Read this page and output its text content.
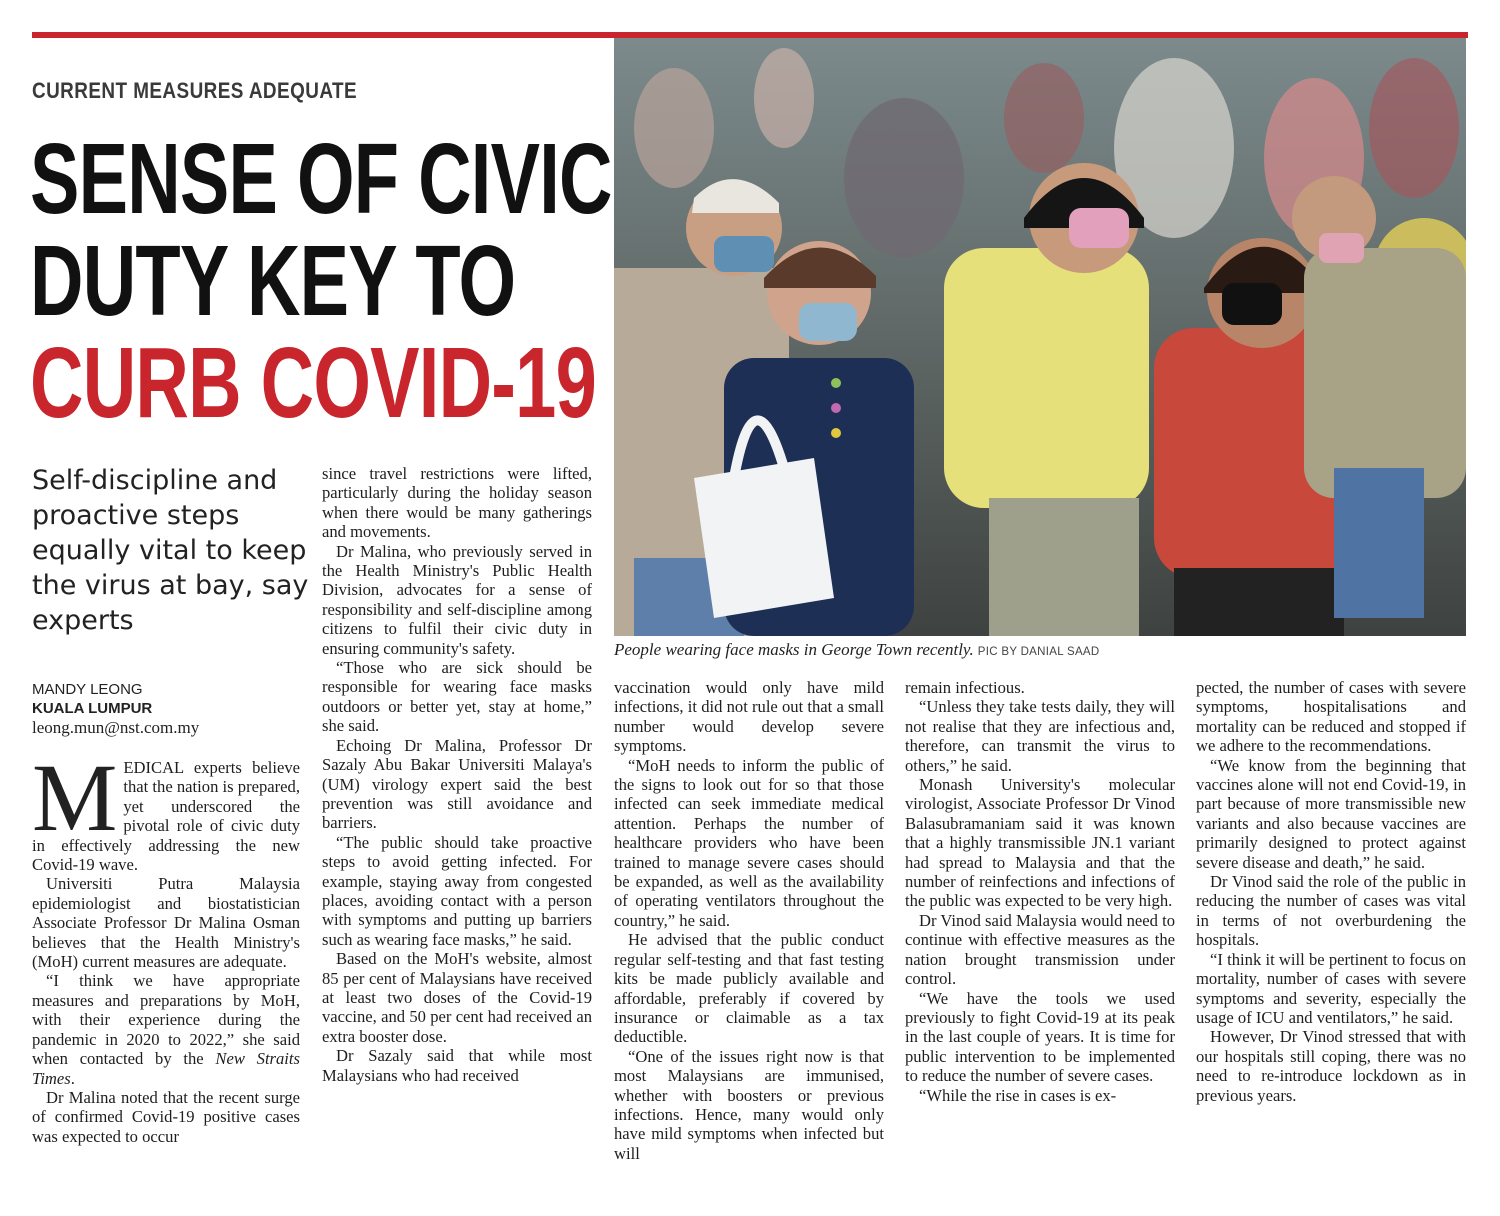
CURRENT MEASURES ADEQUATE
SENSE OF CIVIC
DUTY KEY TO
CURB COVID-19
Self-discipline and proactive steps equally vital to keep the virus at bay, say experts
MANDY LEONG
KUALA LUMPUR
leong.mun@nst.com.my

MEDICAL experts believe that the nation is prepared, yet underscored the pivotal role of civic duty in effectively addressing the new Covid-19 wave.

Universiti Putra Malaysia epidemiologist and biostatistician Associate Professor Dr Malina Osman believes that the Health Ministry's (MoH) current measures are adequate.

“I think we have appropriate measures and preparations by MoH, with their experience during the pandemic in 2020 to 2022,” she said when contacted by the New Straits Times.

Dr Malina noted that the recent surge of confirmed Covid-19 positive cases was expected to occur

since travel restrictions were lifted, particularly during the holiday season when there would be many gatherings and movements.

Dr Malina, who previously served in the Health Ministry's Public Health Division, advocates for a sense of responsibility and self-discipline among citizens to fulfil their civic duty in ensuring community's safety.

“Those who are sick should be responsible for wearing face masks outdoors or better yet, stay at home,” she said.

Echoing Dr Malina, Professor Dr Sazaly Abu Bakar Universiti Malaya's (UM) virology expert said the best prevention was still avoidance and barriers.

“The public should take proactive steps to avoid getting infected. For example, staying away from congested places, avoiding contact with a person with symptoms and putting up barriers such as wearing face masks,” he said.

Based on the MoH's website, almost 85 per cent of Malaysians have received at least two doses of the Covid-19 vaccine, and 50 per cent had received an extra booster dose.

Dr Sazaly said that while most Malaysians who had received

People wearing face masks in George Town recently. PIC BY DANIAL SAAD

vaccination would only have mild infections, it did not rule out that a small number would develop severe symptoms.

“MoH needs to inform the public of the signs to look out for so that those infected can seek immediate medical attention. Perhaps the number of healthcare providers who have been trained to manage severe cases should be expanded, as well as the availability of operating ventilators throughout the country,” he said.

He advised that the public conduct regular self-testing and that fast testing kits be made publicly available and affordable, preferably if covered by insurance or claimable as a tax deductible.

“One of the issues right now is that most Malaysians are immunised, whether with boosters or previous infections. Hence, many would only have mild symptoms when infected but will

remain infectious.

“Unless they take tests daily, they will not realise that they are infectious and, therefore, can transmit the virus to others,” he said.

Monash University's molecular virologist, Associate Professor Dr Vinod Balasubramaniam said it was known that a highly transmissible JN.1 variant had spread to Malaysia and that the number of reinfections and infections of the public was expected to be very high.

Dr Vinod said Malaysia would need to continue with effective measures as the nation brought transmission under control.

“We have the tools we used previously to fight Covid-19 at its peak in the last couple of years. It is time for public intervention to be implemented to reduce the number of severe cases.

“While the rise in cases is ex-

pected, the number of cases with severe symptoms, hospitalisations and mortality can be reduced and stopped if we adhere to the recommendations.

“We know from the beginning that vaccines alone will not end Covid-19, in part because of more transmissible new variants and also because vaccines are primarily designed to protect against severe disease and death,” he said.

Dr Vinod said the role of the public in reducing the number of cases was vital in terms of not overburdening the hospitals.

“I think it will be pertinent to focus on mortality, number of cases with severe symptoms and severity, especially the usage of ICU and ventilators,” he said.

However, Dr Vinod stressed that with our hospitals still coping, there was no need to re-introduce lockdown as in previous years.
